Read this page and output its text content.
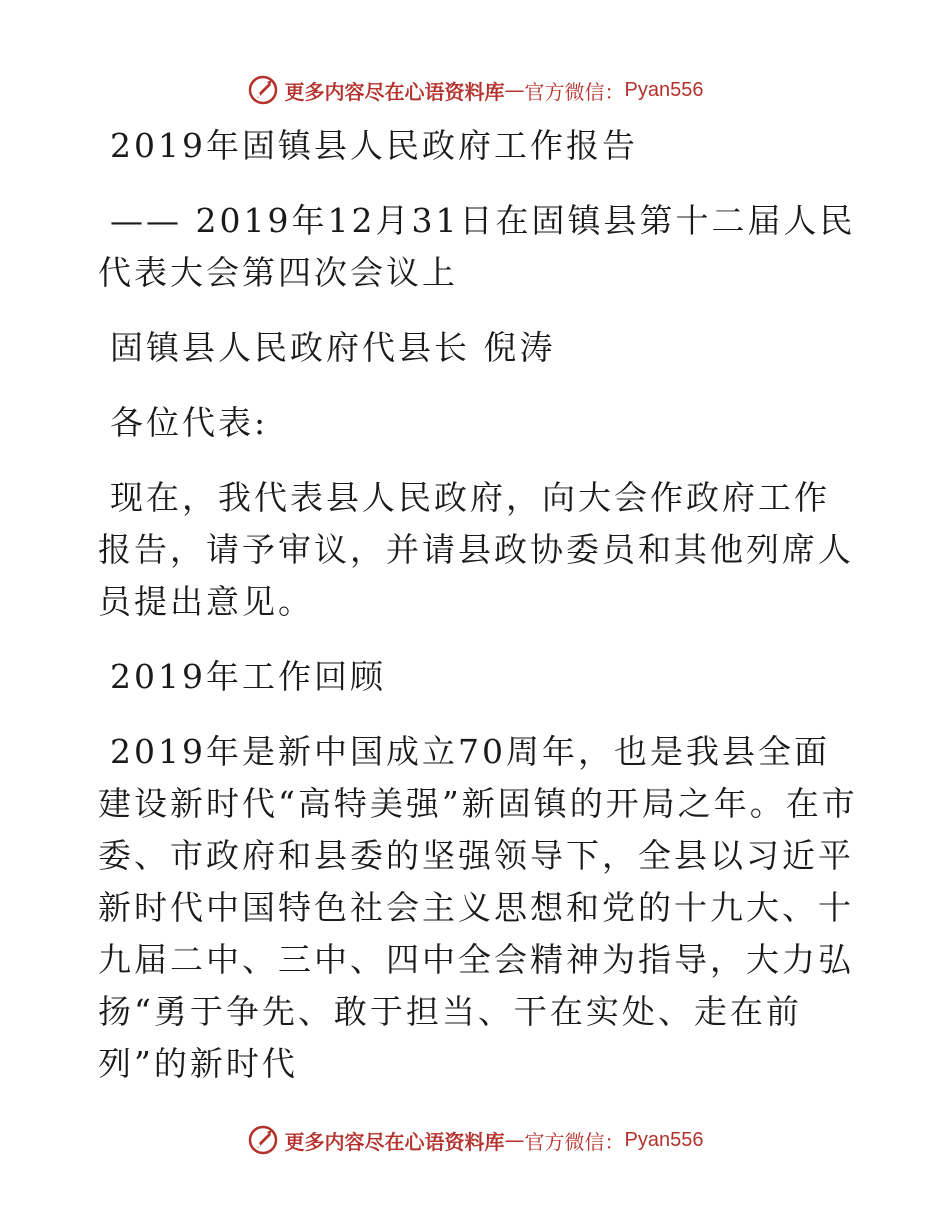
更多内容尽在心语资料库 — 官方微信： Pyan556
2019年固镇县人民政府工作报告
—— 2019年12月31日在固镇县第十二届人民代表大会第四次会议上
固镇县人民政府代县长 倪涛
各位代表:
现在，我代表县人民政府，向大会作政府工作报告，请予审议，并请县政协委员和其他列席人员提出意见。
2019年工作回顾
2019年是新中国成立70周年，也是我县全面建设新时代“高特美强”新固镇的开局之年。在市委、市政府和县委的坚强领导下，全县以习近平新时代中国特色社会主义思想和党的十九大、十九届二中、三中、四中全会精神为指导，大力弘扬“勇于争先、敢于担当、干在实处、走在前列”的新时代
更多内容尽在心语资料库 — 官方微信： Pyan556
